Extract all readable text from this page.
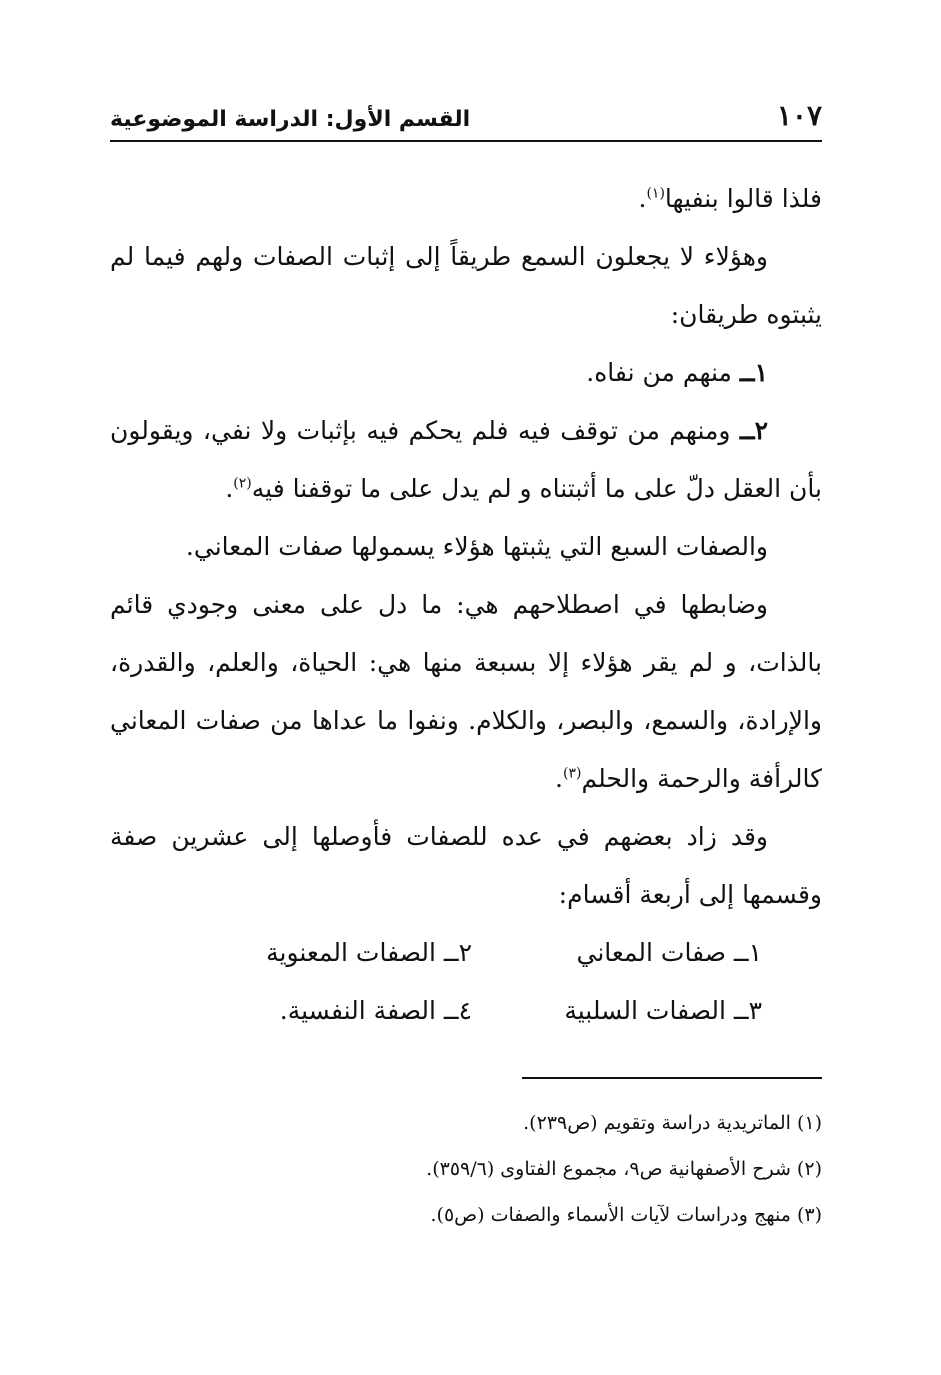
١٠٧
القسم الأول: الدراسة الموضوعية

فلذا قالوا بنفيها$^{(١)}$.

وهؤلاء لا يجعلون السمع طريقاً إلى إثبات الصفات ولهم فيما لم يثبتوه طريقان:

١ــ منهم من نفاه.

٢ــ ومنهم من توقف فيه فلم يحكم فيه بإثبات ولا نفي، ويقولون بأن العقل دلّ على ما أثبتناه و لم يدل على ما توقفنا فيه$^{(٢)}$.

والصفات السبع التي يثبتها هؤلاء يسمولها صفات المعاني.

وضابطها في اصطلاحهم هي: ما دل على معنى وجودي قائم بالذات، و لم يقر هؤلاء إلا بسبعة منها هي: الحياة، والعلم، والقدرة، والإرادة، والسمع، والبصر، والكلام. ونفوا ما عداها من صفات المعاني كالرأفة والرحمة والحلم$^{(٣)}$.

وقد زاد بعضهم في عده للصفات فأوصلها إلى عشرين صفة وقسمها إلى أربعة أقسام:

١ــ صفات المعاني
٢ــ الصفات المعنوية
٣ــ الصفات السلبية
٤ــ الصفة النفسية.

(١) الماتريدية دراسة وتقويم (ص٢٣٩).

(٢) شرح الأصفهانية ص٩، مجموع الفتاوى (٣٥٩/٦).

(٣) منهج ودراسات لآيات الأسماء والصفات (ص٥).
